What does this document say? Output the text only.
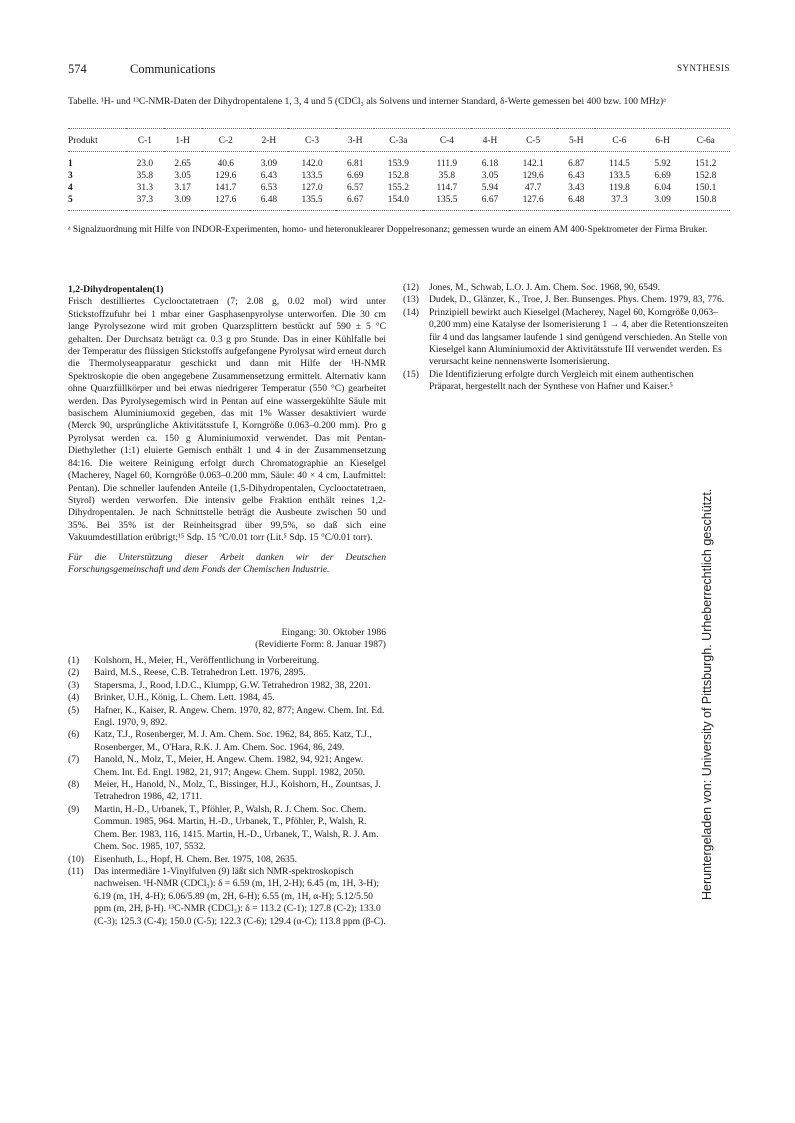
574	Communications	SYNTHESIS
Tabelle. ¹H- und ¹³C-NMR-Daten der Dihydropentalene 1, 3, 4 und 5 (CDCl₃ als Solvens und interner Standard, δ-Werte gemessen bei 400 bzw. 100 MHz)ᵃ
Produkt	C-1	1-H	C-2	2-H	C-3	3-H	C-3a	C-4	4-H	C-5	5-H	C-6	6-H	C-6a
1	23.0	2.65	40.6	3.09	142.0	6.81	153.9	111.9	6.18	142.1	6.87	114.5	5.92	151.2
3	35.8	3.05	129.6	6.43	133.5	6.69	152.8	35.8	3.05	129.6	6.43	133.5	6.69	152.8
4	31.3	3.17	141.7	6.53	127.0	6.57	155.2	114.7	5.94	47.7	3.43	119.8	6.04	150.1
5	37.3	3.09	127.6	6.48	135.5	6.67	154.0	135.5	6.67	127.6	6.48	37.3	3.09	150.8
ᵃ Signalzuordnung mit Hilfe von INDOR-Experimenten, homo- und heteronuklearer Doppelresonanz; gemessen wurde an einem AM 400-Spektrometer der Firma Bruker.
1,2-Dihydropentalen(1)
Frisch destilliertes Cyclooctatetraen (7; 2.08 g, 0.02 mol) wird unter Stickstoffzufuhr bei 1 mbar einer Gasphasenpyrolyse unterworfen. Die 30 cm lange Pyrolysezone wird mit groben Quarzsplittern bestückt auf 590 ± 5 °C gehalten. Der Durchsatz beträgt ca. 0.3 g pro Stunde. Das in einer Kühlfalle bei der Temperatur des flüssigen Stickstoffs aufgefangene Pyrolysat wird erneut durch die Thermolyseapparatur geschickt und dann mit Hilfe der ¹H-NMR Spektroskopie die oben angegebene Zusammensetzung ermittelt. Alternativ kann ohne Quarzfüllkörper und bei etwas niedrigerer Temperatur (550 °C) gearbeitet werden. Das Pyrolysegemisch wird in Pentan auf eine wassergekühlte Säule mit basischem Aluminiumoxid gegeben, das mit 1% Wasser desaktiviert wurde (Merck 90, ursprüngliche Aktivitätsstufe I, Korngröße 0.063–0.200 mm). Pro g Pyrolysat werden ca. 150 g Aluminiumoxid verwendet. Das mit Pentan-Diethylether (1:1) eluierte Gemisch enthält 1 und 4 in der Zusammensetzung 84:16. Die weitere Reinigung erfolgt durch Chromatographie an Kieselgel (Macherey, Nagel 60, Korngröße 0.063–0.200 mm, Säule: 40 × 4 cm, Laufmittel: Pentan). Die schneller laufenden Anteile (1,5-Dihydropentalen, Cyclooctatetraen, Styrol) werden verworfen. Die intensiv gelbe Fraktion enthält reines 1,2-Dihydropentalen. Je nach Schnittstelle beträgt die Ausbeute zwischen 50 und 35%. Bei 35% ist der Reinheitsgrad über 99,5%, so daß sich eine Vakuumdestillation erübrigt;¹⁵ Sdp. 15 °C/0.01 torr (Lit.⁵ Sdp. 15 °C/0.01 torr).
Für die Unterstützung dieser Arbeit danken wir der Deutschen Forschungsgemeinschaft und dem Fonds der Chemischen Industrie.
Eingang: 30. Oktober 1986
(Revidierte Form: 8. Januar 1987)
(1)	Kolshorn, H., Meier, H., Veröffentlichung in Vorbereitung.
(2)	Baird, M.S., Reese, C.B. Tetrahedron Lett. 1976, 2895.
(3)	Stapersma, J., Rood, I.D.C., Klumpp, G.W. Tetrahedron 1982, 38, 2201.
(4)	Brinker, U.H., König, L. Chem. Lett. 1984, 45.
(5)	Hafner, K., Kaiser, R. Angew. Chem. 1970, 82, 877; Angew. Chem. Int. Ed. Engl. 1970, 9, 892.
(6)	Katz, T.J., Rosenberger, M. J. Am. Chem. Soc. 1962, 84, 865. Katz, T.J., Rosenberger, M., O'Hara, R.K. J. Am. Chem. Soc. 1964, 86, 249.
(7)	Hanold, N., Molz, T., Meier, H. Angew. Chem. 1982, 94, 921; Angew. Chem. Int. Ed. Engl. 1982, 21, 917; Angew. Chem. Suppl. 1982, 2050.
(8)	Meier, H., Hanold, N., Molz, T., Bissinger, H.J., Kolshorn, H., Zountsas, J. Tetrahedron 1986, 42, 1711.
(9)	Martin, H.-D., Urbanek, T., Pföhler, P., Walsh, R. J. Chem. Soc. Chem. Commun. 1985, 964. Martin, H.-D., Urbanek, T., Pföhler, P., Walsh, R. Chem. Ber. 1983, 116, 1415. Martin, H.-D., Urbanek, T., Walsh, R. J. Am. Chem. Soc. 1985, 107, 5532.
(10)	Eisenhuth, L., Hopf, H. Chem. Ber. 1975, 108, 2635.
(11)	Das intermediäre 1-Vinylfulven (9) läßt sich NMR-spektroskopisch nachweisen. ¹H-NMR (CDCl₃): δ = 6.59 (m, 1H, 2-H); 6.45 (m, 1H, 3-H); 6.19 (m, 1H, 4-H); 6.06/5.89 (m, 2H, 6-H); 6.55 (m, 1H, α-H); 5.12/5.50 ppm (m, 2H, β-H). ¹³C-NMR (CDCl₃): δ = 113.2 (C-1); 127.8 (C-2); 133.0 (C-3); 125.3 (C-4); 150.0 (C-5); 122.3 (C-6); 129.4 (α-C); 113.8 ppm (β-C).
(12)	Jones, M., Schwab, L.O. J. Am. Chem. Soc. 1968, 90, 6549.
(13)	Dudek, D., Glänzer, K., Troe, J. Ber. Bunsenges. Phys. Chem. 1979, 83, 776.
(14)	Prinzipiell bewirkt auch Kieselgel (Macherey, Nagel 60, Korngröße 0,063–0,200 mm) eine Katalyse der Isomerisierung 1 → 4, aber die Retentionszeiten für 4 und das langsamer laufende 1 sind genügend verschieden. An Stelle von Kieselgel kann Aluminiumoxid der Aktivitätsstufe III verwendet werden. Es verursacht keine nennenswerte Isomerisierung.
(15)	Die Identifizierung erfolgte durch Vergleich mit einem authentischen Präparat, hergestellt nach der Synthese von Hafner und Kaiser.⁵
Heruntergeladen von: University of Pittsburgh. Urheberrechtlich geschützt.
